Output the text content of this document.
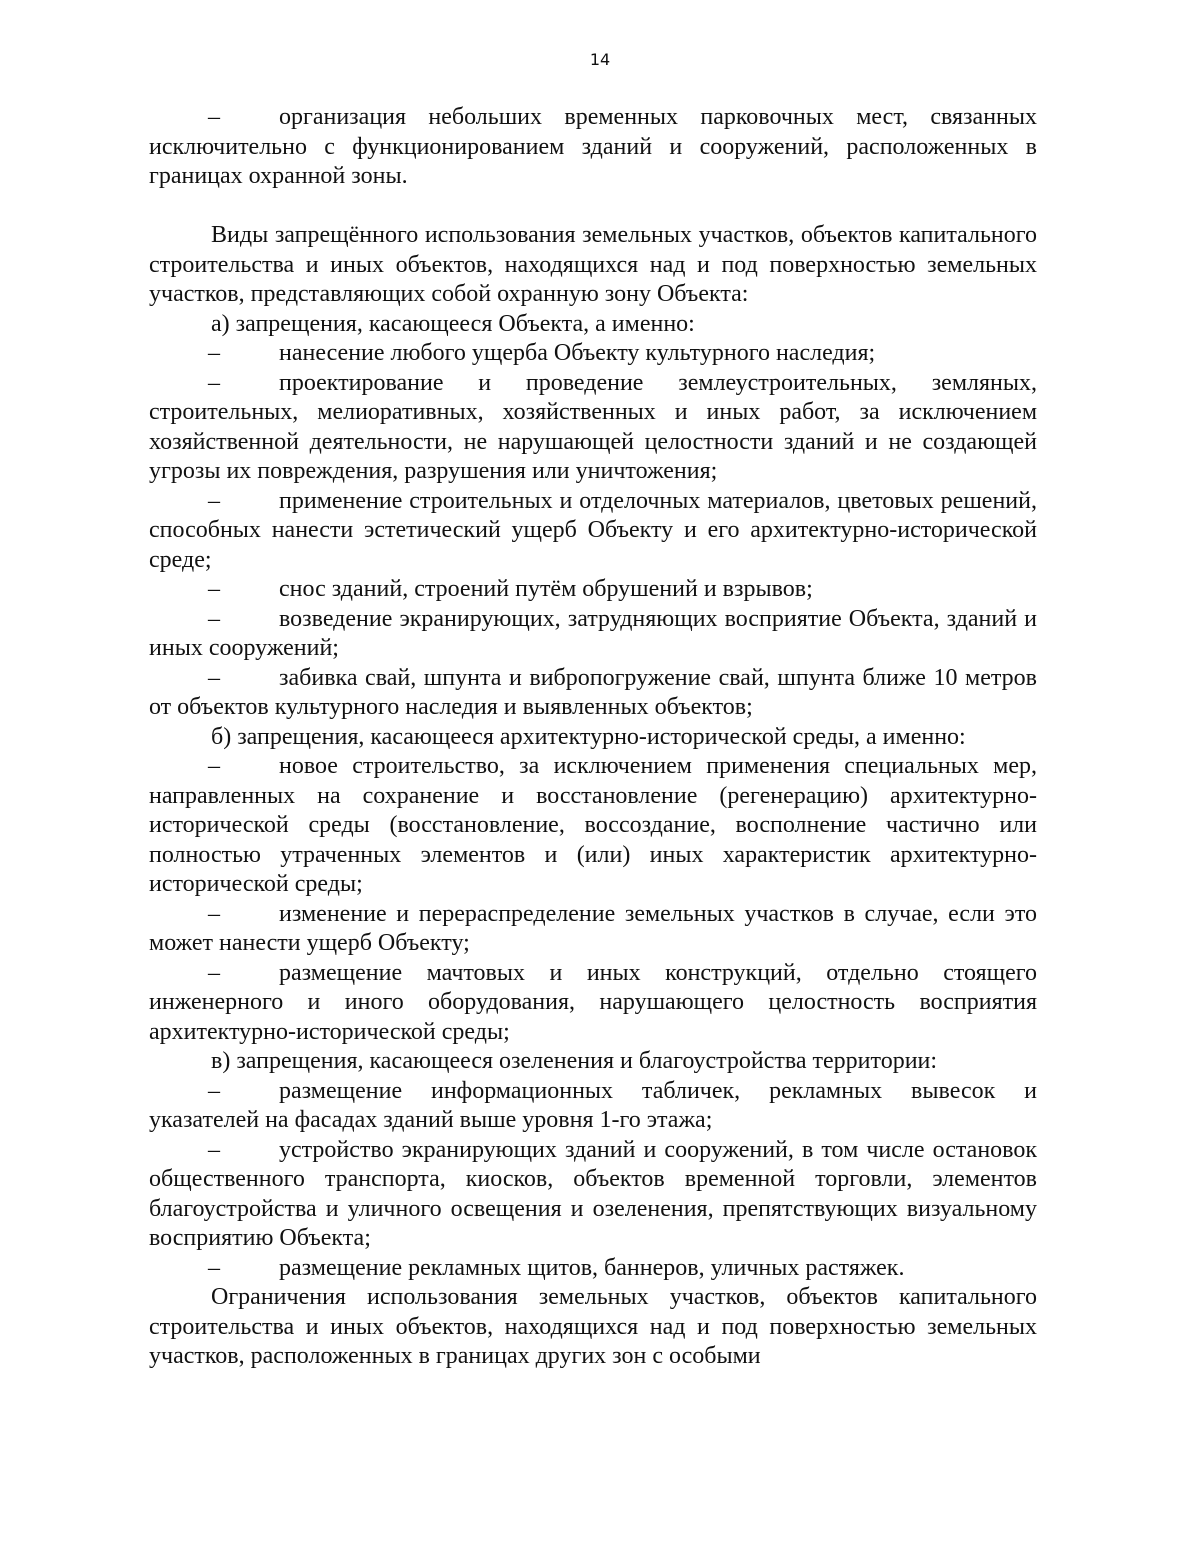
14

– организация небольших временных парковочных мест, связанных исключительно с функционированием зданий и сооружений, расположенных в границах охранной зоны.

Виды запрещённого использования земельных участков, объектов капитального строительства и иных объектов, находящихся над и под поверхностью земельных участков, представляющих собой охранную зону Объекта:

а) запрещения, касающееся Объекта, а именно:

– нанесение любого ущерба Объекту культурного наследия;

– проектирование и проведение землеустроительных, земляных, строительных, мелиоративных, хозяйственных и иных работ, за исключением хозяйственной деятельности, не нарушающей целостности зданий и не создающей угрозы их повреждения, разрушения или уничтожения;

– применение строительных и отделочных материалов, цветовых решений, способных нанести эстетический ущерб Объекту и его архитектурно-исторической среде;

– снос зданий, строений путём обрушений и взрывов;

– возведение экранирующих, затрудняющих восприятие Объекта, зданий и иных сооружений;

– забивка свай, шпунта и вибропогружение свай, шпунта ближе 10 метров от объектов культурного наследия и выявленных объектов;

б) запрещения, касающееся архитектурно-исторической среды, а именно:

– новое строительство, за исключением применения специальных мер, направленных на сохранение и восстановление (регенерацию) архитектурно-исторической среды (восстановление, воссоздание, восполнение частично или полностью утраченных элементов и (или) иных характеристик архитектурно-исторической среды;

– изменение и перераспределение земельных участков в случае, если это может нанести ущерб Объекту;

– размещение мачтовых и иных конструкций, отдельно стоящего инженерного и иного оборудования, нарушающего целостность восприятия архитектурно-исторической среды;

в) запрещения, касающееся озеленения и благоустройства территории:

– размещение информационных табличек, рекламных вывесок и указателей на фасадах зданий выше уровня 1-го этажа;

– устройство экранирующих зданий и сооружений, в том числе остановок общественного транспорта, киосков, объектов временной торговли, элементов благоустройства и уличного освещения и озеленения, препятствующих визуальному восприятию Объекта;

– размещение рекламных щитов, баннеров, уличных растяжек.

Ограничения использования земельных участков, объектов капитального строительства и иных объектов, находящихся над и под поверхностью земельных участков, расположенных в границах других зон с особыми
